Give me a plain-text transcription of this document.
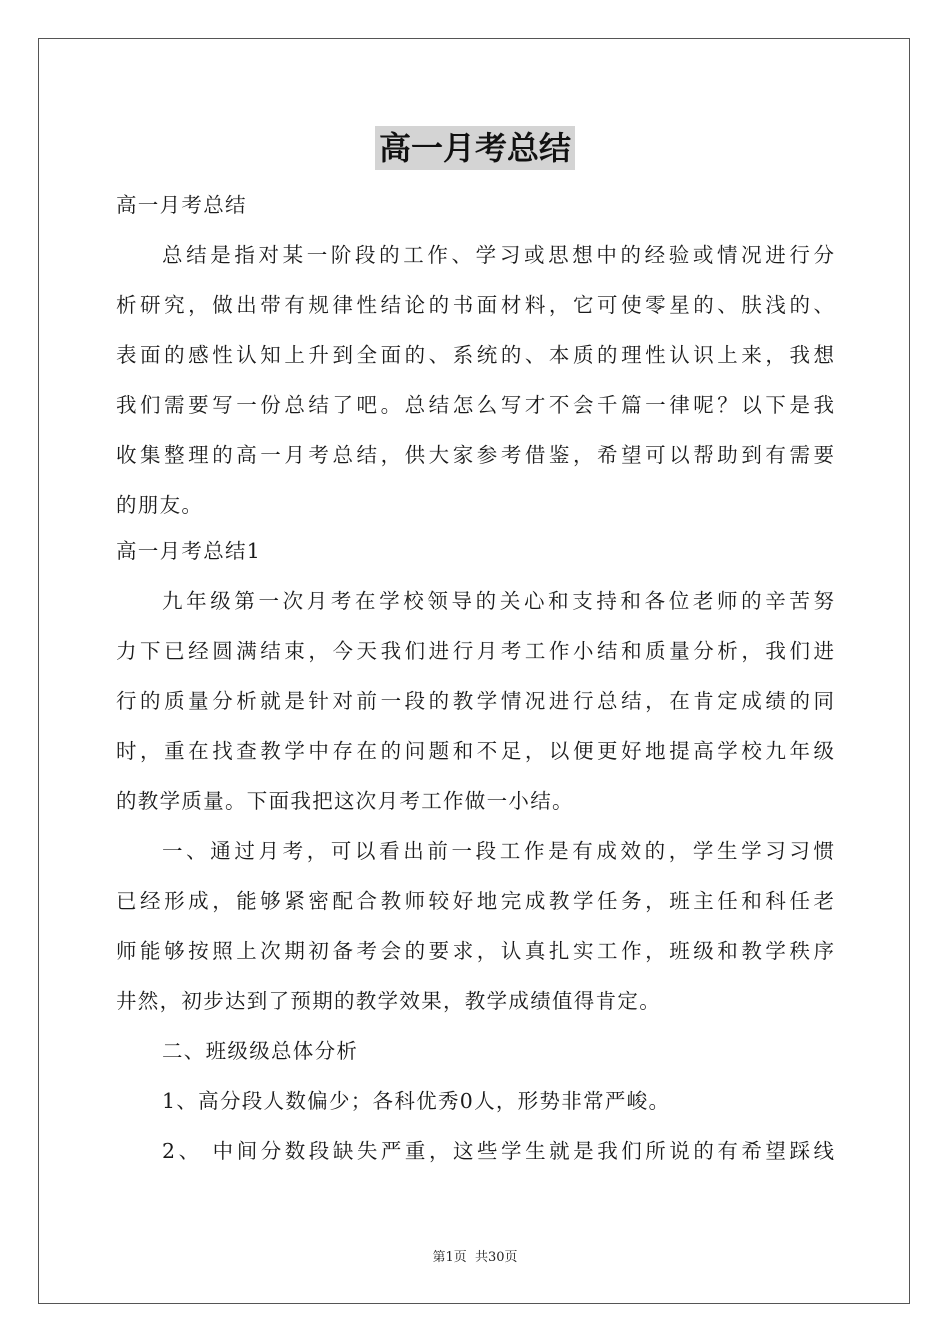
高一月考总结
高一月考总结
总结是指对某一阶段的工作、学习或思想中的经验或情况进行分
析研究，做出带有规律性结论的书面材料，它可使零星的、肤浅的、
表面的感性认知上升到全面的、系统的、本质的理性认识上来，我想
我们需要写一份总结了吧。总结怎么写才不会千篇一律呢？以下是我
收集整理的高一月考总结，供大家参考借鉴，希望可以帮助到有需要
的朋友。
高一月考总结1
九年级第一次月考在学校领导的关心和支持和各位老师的辛苦努
力下已经圆满结束，今天我们进行月考工作小结和质量分析，我们进
行的质量分析就是针对前一段的教学情况进行总结，在肯定成绩的同
时，重在找查教学中存在的问题和不足，以便更好地提高学校九年级
的教学质量。下面我把这次月考工作做一小结。
一、通过月考，可以看出前一段工作是有成效的，学生学习习惯
已经形成，能够紧密配合教师较好地完成教学任务，班主任和科任老
师能够按照上次期初备考会的要求，认真扎实工作，班级和教学秩序
井然，初步达到了预期的教学效果，教学成绩值得肯定。
二、班级级总体分析
1、高分段人数偏少；各科优秀0人，形势非常严峻。
2、 中间分数段缺失严重，这些学生就是我们所说的有希望踩线
第1页 共30页
